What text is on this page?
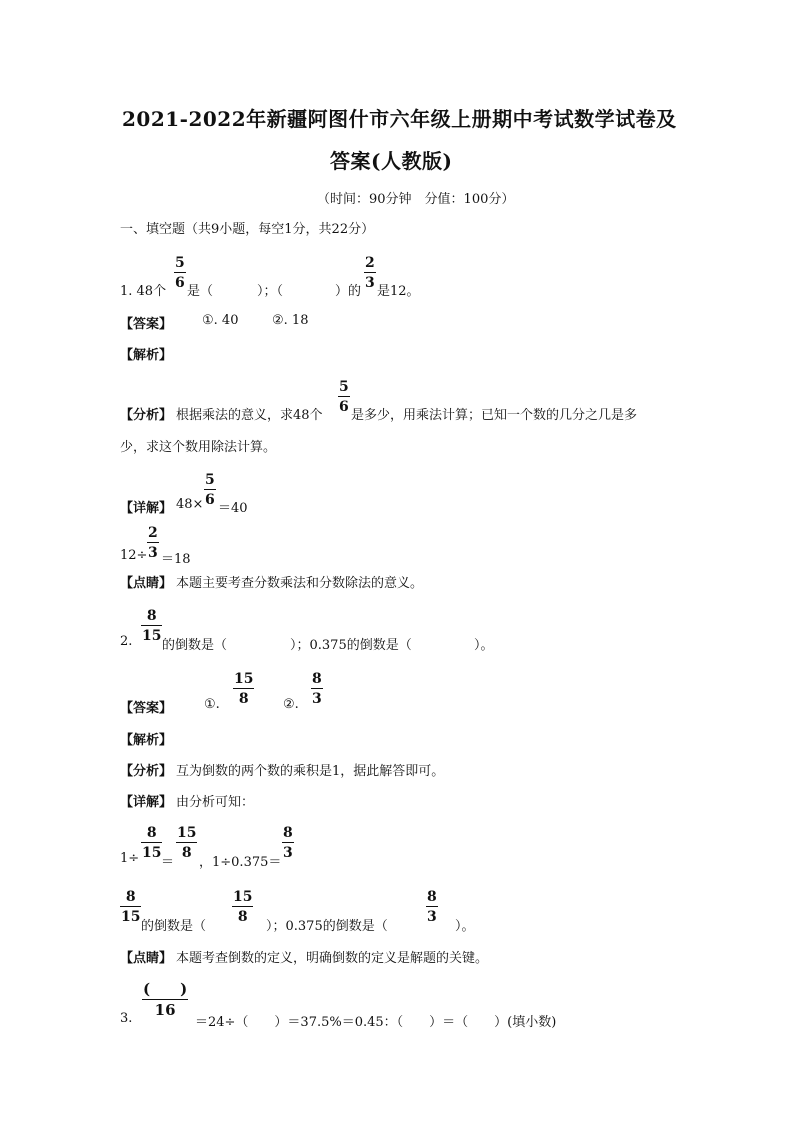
2021-2022年新疆阿图什市六年级上册期中考试数学试卷及
答案(人教版)
（时间：90分钟　分值：100分）
一、填空题（共9小题，每空1分，共22分）
1. 48个
5
6
是（	）；（	）的
2
3
是12。
【答案】 ①. 40	②. 18
【解析】
【分析】 根据乘法的意义，求48个
5
6
是多少，用乘法计算；已知一个数的几分之几是多
少，求这个数用除法计算。
【详解】 48×
5
6
＝40
12÷
2
3 ＝18
【点睛】 本题主要考查分数乘法和分数除法的意义。
2.
8
15
的倒数是（	）；0.375的倒数是（	）。
【答案】 ①.
15
8	②.
8
3
【解析】
【分析】 互为倒数的两个数的乘积是1，据此解答即可。
【详解】 由分析可知：
1÷
8
15
＝
15
8
，1÷0.375＝
8
3
8
15
的倒数是（
15
8
）；0.375的倒数是（
8
3
）。
【点睛】 本题考查倒数的定义，明确倒数的定义是解题的关键。
3.
(　　)
16
＝24÷（　　）＝37.5%＝0.45：（　　）＝（　　）(填小数)
